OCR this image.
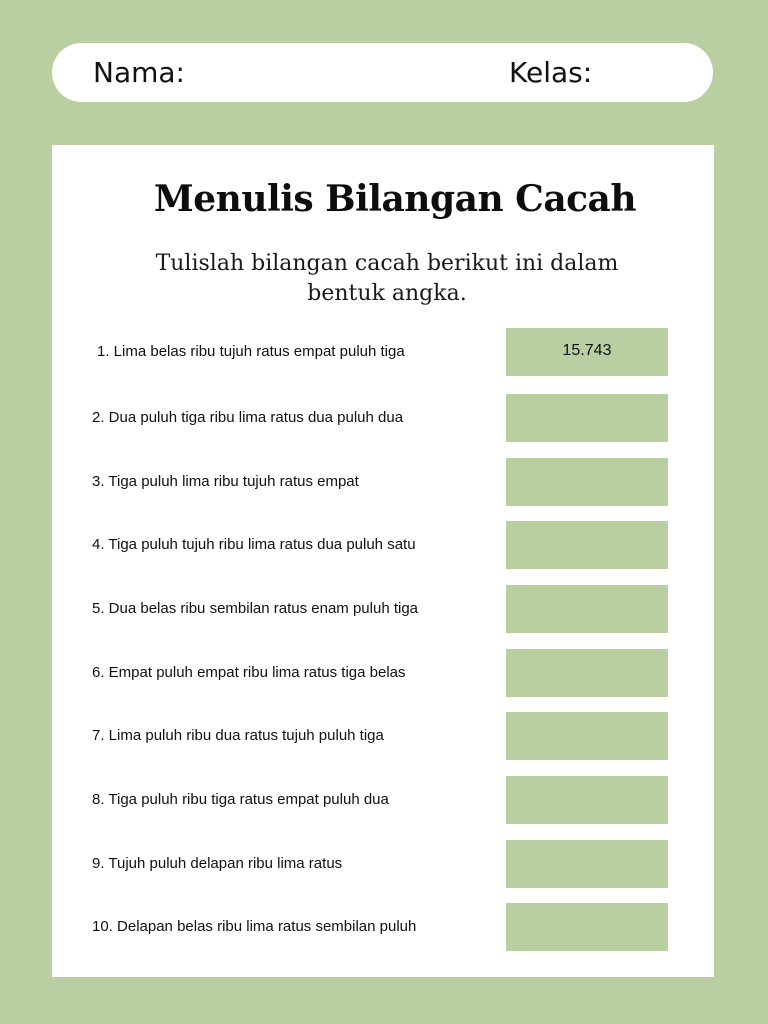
Nama:	Kelas:
Menulis Bilangan Cacah
Tulislah bilangan cacah berikut ini dalam bentuk angka.
1. Lima belas ribu tujuh ratus empat puluh tiga	15.743
2. Dua puluh tiga ribu lima ratus dua puluh dua
3. Tiga puluh lima ribu tujuh ratus empat
4. Tiga puluh tujuh ribu lima ratus dua puluh satu
5. Dua belas ribu sembilan ratus enam puluh tiga
6. Empat puluh empat ribu lima ratus tiga belas
7. Lima puluh ribu dua ratus tujuh puluh tiga
8. Tiga puluh ribu tiga ratus empat puluh dua
9. Tujuh puluh delapan ribu lima ratus
10. Delapan belas ribu lima ratus sembilan puluh
